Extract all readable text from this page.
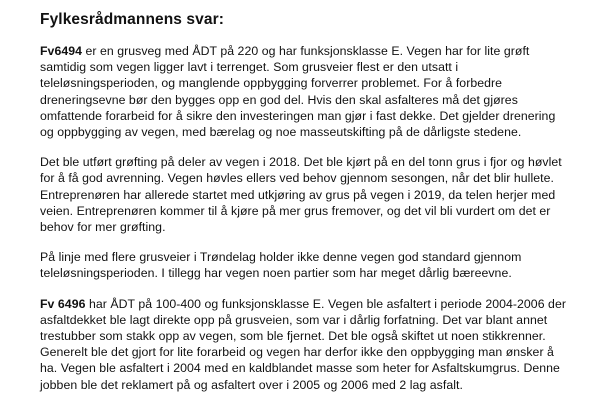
Fylkesrådmannens svar:

Fv6494 er en grusveg med ÅDT på 220 og har funksjonsklasse E. Vegen har for lite grøft samtidig som vegen ligger lavt i terrenget. Som grusveier flest er den utsatt i teleløsningsperioden, og manglende oppbygging forverrer problemet. For å forbedre dreneringsevne bør den bygges opp en god del. Hvis den skal asfalteres må det gjøres omfattende forarbeid for å sikre den investeringen man gjør i fast dekke. Det gjelder drenering og oppbygging av vegen, med bærelag og noe masseutskifting på de dårligste stedene.

Det ble utført grøfting på deler av vegen i 2018. Det ble kjørt på en del tonn grus i fjor og høvlet for å få god avrenning. Vegen høvles ellers ved behov gjennom sesongen, når det blir hullete. Entreprenøren har allerede startet med utkjøring av grus på vegen i 2019, da telen herjer med veien. Entreprenøren kommer til å kjøre på mer grus fremover, og det vil bli vurdert om det er behov for mer grøfting.

På linje med flere grusveier i Trøndelag holder ikke denne vegen god standard gjennom teleløsningsperioden. I tillegg har vegen noen partier som har meget dårlig bæreevne.

Fv 6496 har ÅDT på 100-400 og funksjonsklasse E. Vegen ble asfaltert i periode 2004-2006 der asfaltdekket ble lagt direkte opp på grusveien, som var i dårlig forfatning. Det var blant annet trestubber som stakk opp av vegen, som ble fjernet. Det ble også skiftet ut noen stikkrenner. Generelt ble det gjort for lite forarbeid og vegen har derfor ikke den oppbygging man ønsker å ha. Vegen ble asfaltert i 2004 med en kaldblandet masse som heter for Asfaltskumgrus. Denne jobben ble det reklamert på og asfaltert over i 2005 og 2006 med 2 lag asfalt.
